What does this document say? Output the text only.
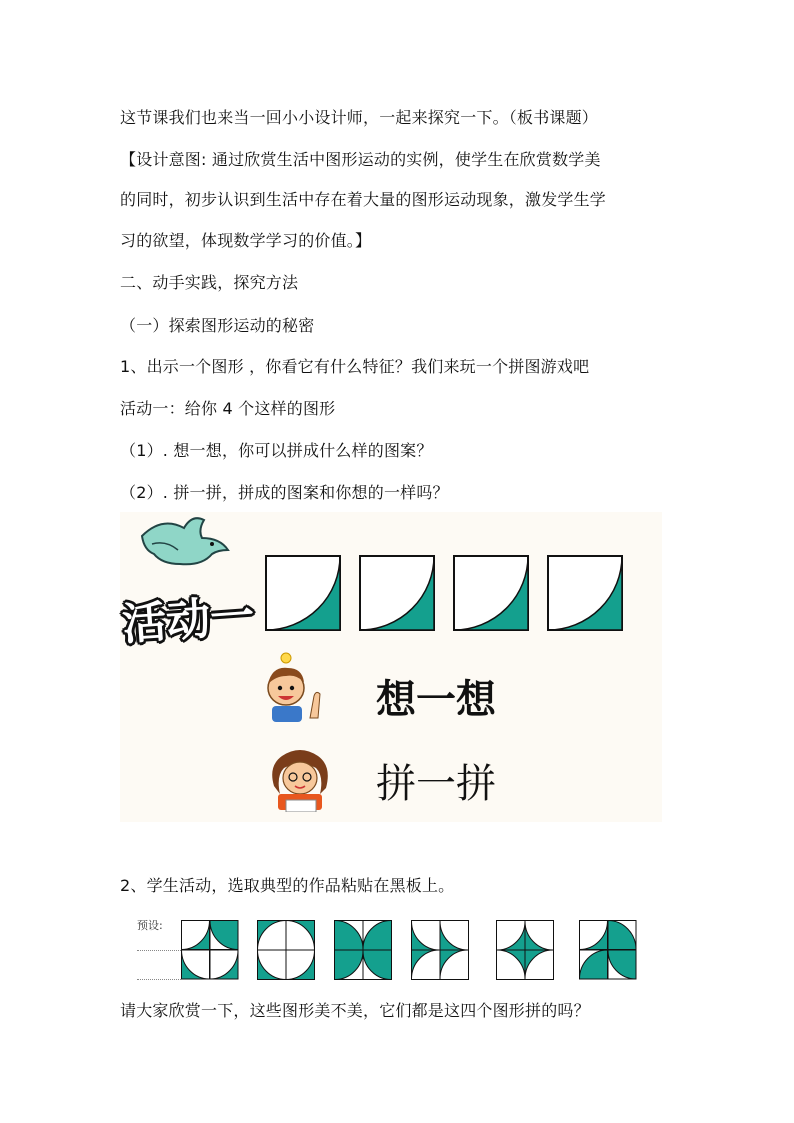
这节课我们也来当一回小小设计师，一起来探究一下。（板书课题）
【设计意图: 通过欣赏生活中图形运动的实例，使学生在欣赏数学美
的同时，初步认识到生活中存在着大量的图形运动现象，激发学生学
习的欲望，体现数学学习的价值。】
二、动手实践，探究方法
（一）探索图形运动的秘密
1、出示一个图形 ，你看它有什么特征？我们来玩一个拼图游戏吧
活动一：给你 4 个这样的图形
（1）. 想一想，你可以拼成什么样的图案？
（2）. 拼一拼，拼成的图案和你想的一样吗？
活动一
想一想
拼一拼
2、学生活动，选取典型的作品粘贴在黑板上。
预设:
请大家欣赏一下，这些图形美不美，它们都是这四个图形拼的吗？
